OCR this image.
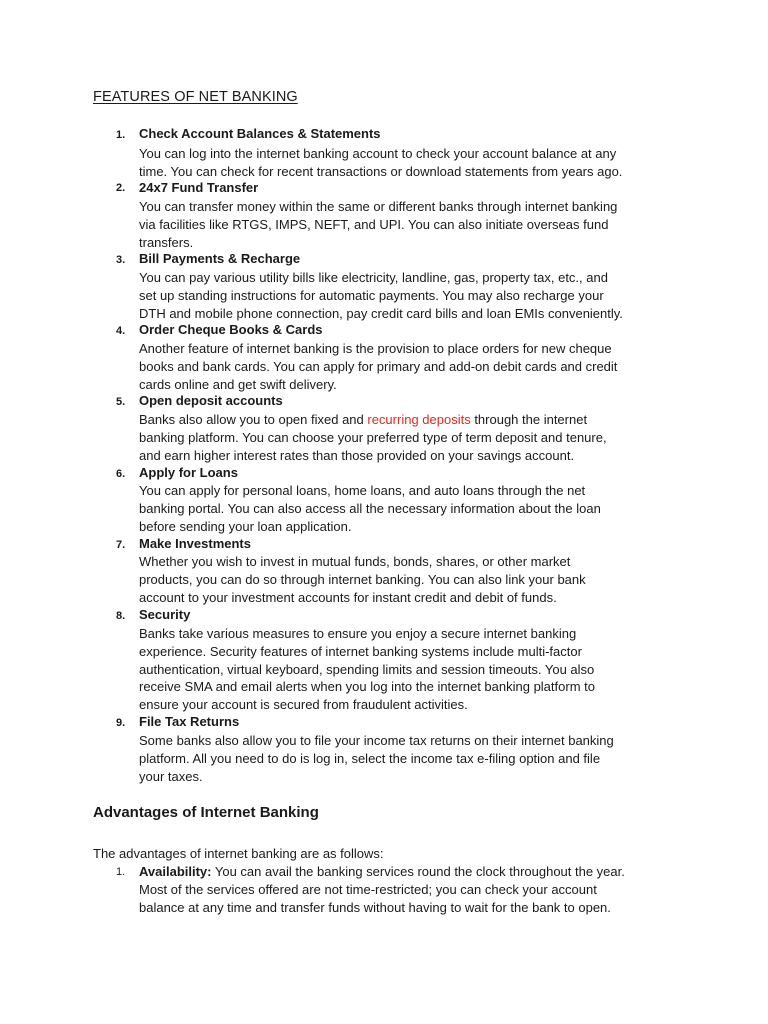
FEATURES OF NET BANKING
1.	Check Account Balances & Statements
You can log into the internet banking account to check your account balance at any
time. You can check for recent transactions or download statements from years ago.
2.	24x7 Fund Transfer
You can transfer money within the same or different banks through internet banking
via facilities like RTGS, IMPS, NEFT, and UPI. You can also initiate overseas fund
transfers.
3.	Bill Payments & Recharge
You can pay various utility bills like electricity, landline, gas, property tax, etc., and
set up standing instructions for automatic payments. You may also recharge your
DTH and mobile phone connection, pay credit card bills and loan EMIs conveniently.
4.	Order Cheque Books & Cards
Another feature of internet banking is the provision to place orders for new cheque
books and bank cards. You can apply for primary and add-on debit cards and credit
cards online and get swift delivery.
5.	Open deposit accounts
Banks also allow you to open fixed and recurring deposits through the internet
banking platform. You can choose your preferred type of term deposit and tenure,
and earn higher interest rates than those provided on your savings account.
6.	Apply for Loans
You can apply for personal loans, home loans, and auto loans through the net
banking portal. You can also access all the necessary information about the loan
before sending your loan application.
7.	Make Investments
Whether you wish to invest in mutual funds, bonds, shares, or other market
products, you can do so through internet banking. You can also link your bank
account to your investment accounts for instant credit and debit of funds.
8.	Security
Banks take various measures to ensure you enjoy a secure internet banking
experience. Security features of internet banking systems include multi-factor
authentication, virtual keyboard, spending limits and session timeouts. You also
receive SMA and email alerts when you log into the internet banking platform to
ensure your account is secured from fraudulent activities.
9.	File Tax Returns
Some banks also allow you to file your income tax returns on their internet banking
platform. All you need to do is log in, select the income tax e-filing option and file
your taxes.
Advantages of Internet Banking
The advantages of internet banking are as follows:
1. Availability: You can avail the banking services round the clock throughout the year.
Most of the services offered are not time-restricted; you can check your account
balance at any time and transfer funds without having to wait for the bank to open.
